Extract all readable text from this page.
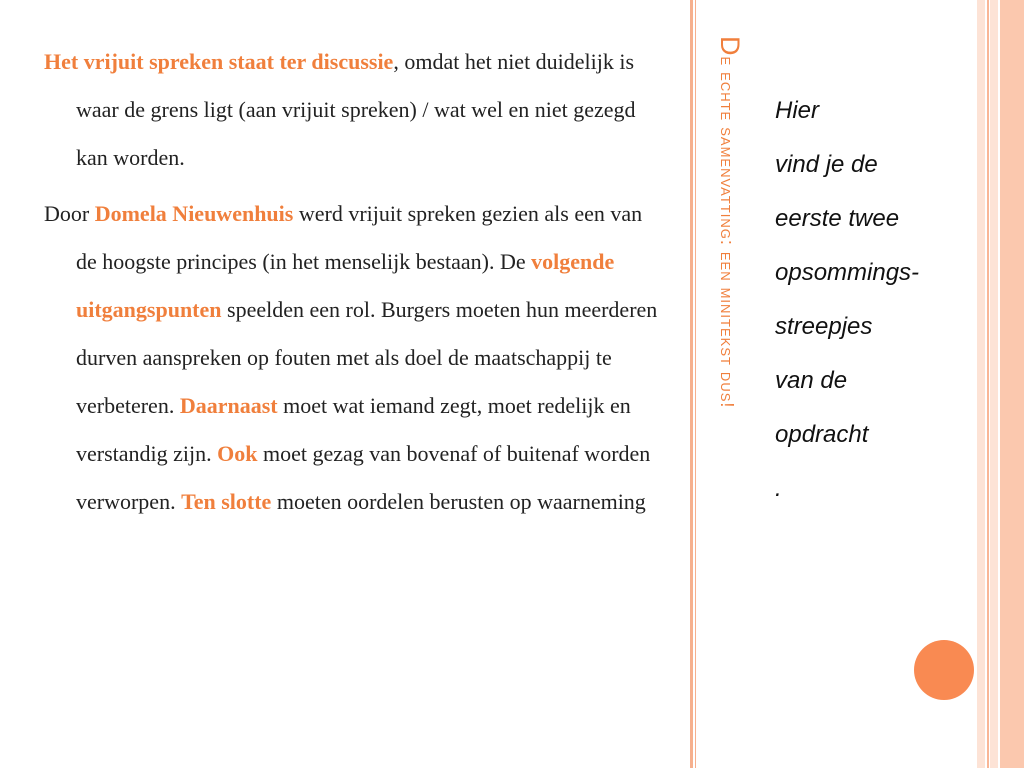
Het vrijuit spreken staat ter discussie, omdat het niet duidelijk is waar de grens ligt (aan vrijuit spreken) / wat wel en niet gezegd kan worden.

Door Domela Nieuwenhuis werd vrijuit spreken gezien als een van de hoogste principes (in het menselijk bestaan). De volgende uitgangspunten speelden een rol. Burgers moeten hun meerderen durven aanspreken op fouten met als doel de maatschappij te verbeteren. Daarnaast moet wat iemand zegt, moet redelijk en verstandig zijn. Ook moet gezag van bovenaf of buitenaf worden verworpen. Ten slotte moeten oordelen berusten op waarneming

De echte samenvatting: een minitekst dus!	Hier
vind je de
eerste twee
opsommings-
streepjes
van de
opdracht
.
